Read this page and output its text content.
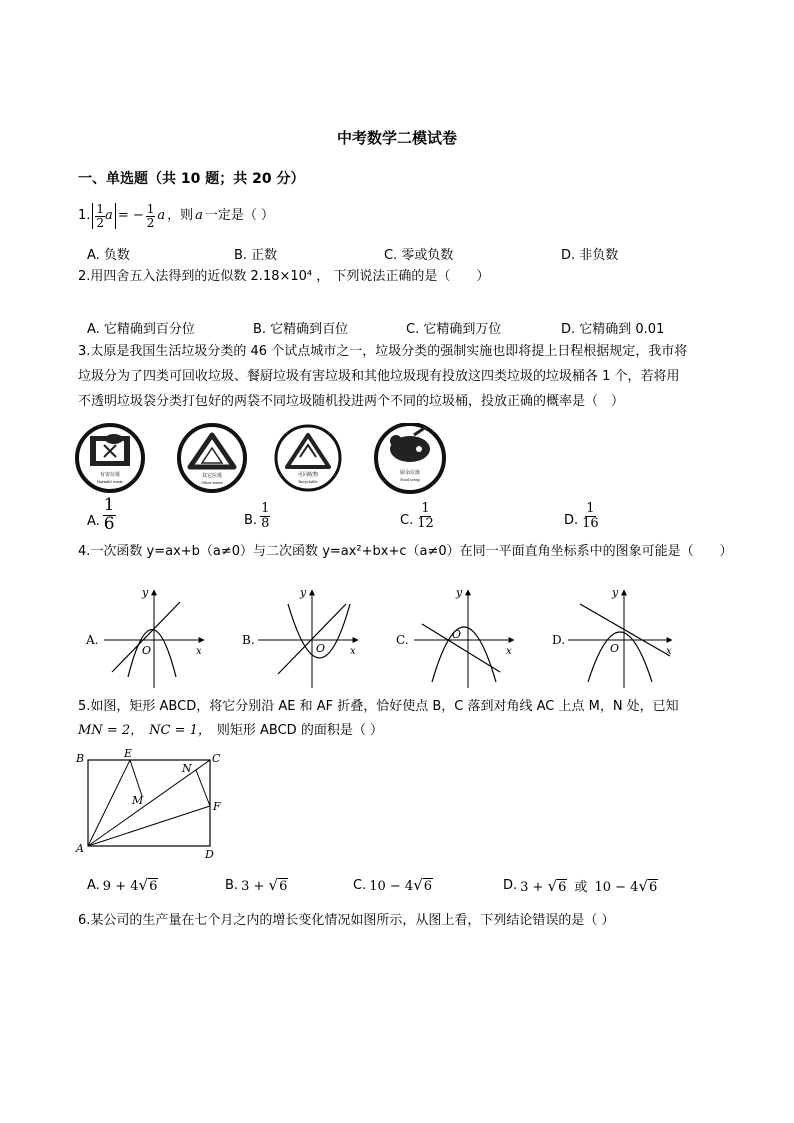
中考数学二模试卷
一、单选题（共 10 题；共 20 分）
1. $\frac{1}{2}$ a = − $\frac{1}{2}$ a ，则 a 一定是（ ）
A. 负数	B. 正数	C. 零或负数	D. 非负数
2.用四舍五入法得到的近似数 2.18×10⁴ ， 下列说法正确的是（　　）
A. 它精确到百分位	B. 它精确到百位	C. 它精确到万位	D. 它精确到 0.01
3.太原是我国生活垃圾分类的 46 个试点城市之一，垃圾分类的强制实施也即将提上日程根据规定，我市将
垃圾分为了四类可回收垃圾、餐厨垃圾有害垃圾和其他垃圾现有投放这四类垃圾的垃圾桶各 1 个，若将用
不透明垃圾袋分类打包好的两袋不同垃圾随机投进两个不同的垃圾桶，投放正确的概率是（　）
有害垃圾
Harmful waste
其它垃圾
Other waste
可回收物
Recyclable
厨余垃圾
Food scrap
A. $\frac{1}{6}$	B. $\frac{1}{8}$	C. $\frac{1}{12}$	D. $\frac{1}{16}$
4.一次函数 y=ax+b（a≠0）与二次函数 y=ax²+bx+c（a≠0）在同一平面直角坐标系中的图象可能是（　　）
A.
y
x
O
B.
y
x
O
C.
y
x
O	D.
y
x
O
5.如图，矩形 ABCD，将它分别沿 AE 和 AF 折叠，恰好使点 B，C 落到对角线 AC 上点 M，N 处，已知
MN = 2， NC = 1， 则矩形 ABCD 的面积是（ ）
B	E	C
N
M	F
A	D
A. 9 + 4√6	B. 3 + √6	C. 10 − 4√6	D. 3 + √6 或 10 − 4√6
6.某公司的生产量在七个月之内的增长变化情况如图所示，从图上看，下列结论错误的是（ ）
